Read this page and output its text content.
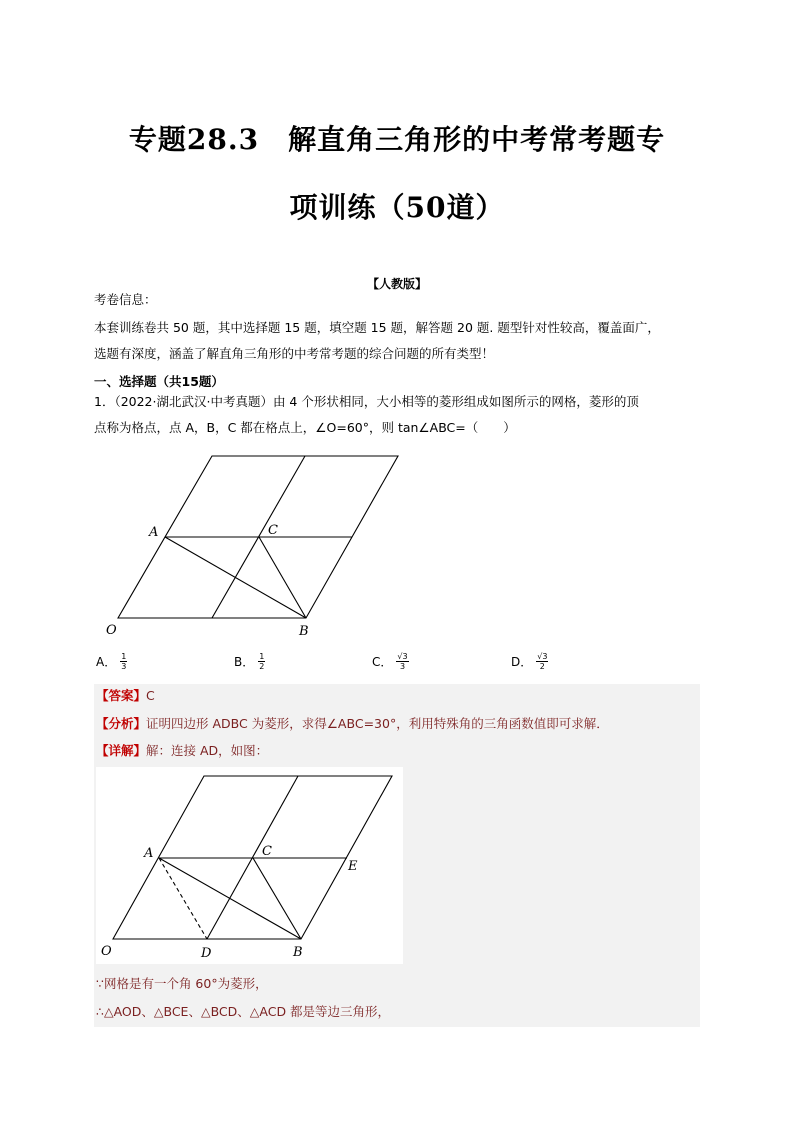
专题28.3　解直角三角形的中考常考题专
项训练（50道）
【人教版】
考卷信息：
本套训练卷共 50 题，其中选择题 15 题，填空题 15 题，解答题 20 题. 题型针对性较高，覆盖面广，
选题有深度，涵盖了解直角三角形的中考常考题的综合问题的所有类型！
一、选择题（共15题）
1．（2022·湖北武汉·中考真题）由 4 个形状相同，大小相等的菱形组成如图所示的网格，菱形的顶
点称为格点，点 A，B，C 都在格点上，∠O=60°，则 tan∠ABC=（　　）
A	C
O	B
A． $\frac{1}{3}$	B． $\frac{1}{2}$	C． $\frac{√3}{3}$	D． $\frac{√3}{2}$
【答案】C
【分析】证明四边形 ADBC 为菱形，求得∠ABC=30°，利用特殊角的三角函数值即可求解．
【详解】解：连接 AD，如图：
A	C
E
O	D	B
∵网格是有一个角 60°为菱形，
∴△AOD、△BCE、△BCD、△ACD 都是等边三角形，
